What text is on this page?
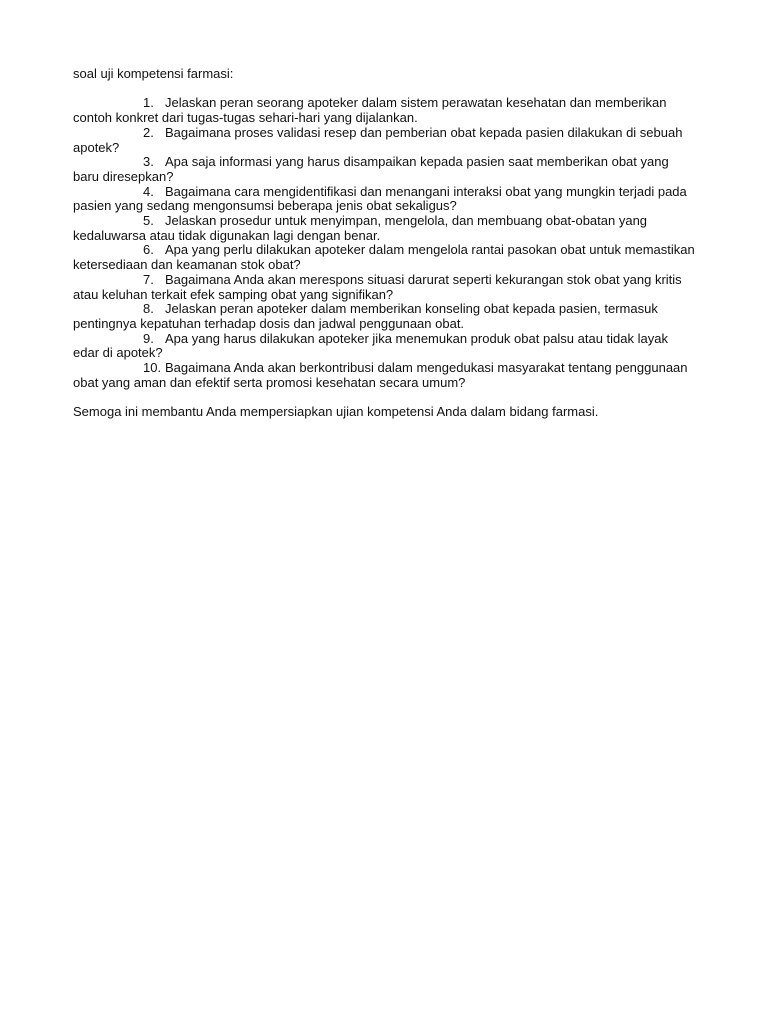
soal uji kompetensi farmasi:

1. Jelaskan peran seorang apoteker dalam sistem perawatan kesehatan dan memberikan contoh konkret dari tugas-tugas sehari-hari yang dijalankan.

2. Bagaimana proses validasi resep dan pemberian obat kepada pasien dilakukan di sebuah apotek?

3. Apa saja informasi yang harus disampaikan kepada pasien saat memberikan obat yang baru diresepkan?

4. Bagaimana cara mengidentifikasi dan menangani interaksi obat yang mungkin terjadi pada pasien yang sedang mengonsumsi beberapa jenis obat sekaligus?

5. Jelaskan prosedur untuk menyimpan, mengelola, dan membuang obat-obatan yang kedaluwarsa atau tidak digunakan lagi dengan benar.

6. Apa yang perlu dilakukan apoteker dalam mengelola rantai pasokan obat untuk memastikan ketersediaan dan keamanan stok obat?

7. Bagaimana Anda akan merespons situasi darurat seperti kekurangan stok obat yang kritis atau keluhan terkait efek samping obat yang signifikan?

8. Jelaskan peran apoteker dalam memberikan konseling obat kepada pasien, termasuk pentingnya kepatuhan terhadap dosis dan jadwal penggunaan obat.

9. Apa yang harus dilakukan apoteker jika menemukan produk obat palsu atau tidak layak edar di apotek?

10. Bagaimana Anda akan berkontribusi dalam mengedukasi masyarakat tentang penggunaan obat yang aman dan efektif serta promosi kesehatan secara umum?

Semoga ini membantu Anda mempersiapkan ujian kompetensi Anda dalam bidang farmasi.
